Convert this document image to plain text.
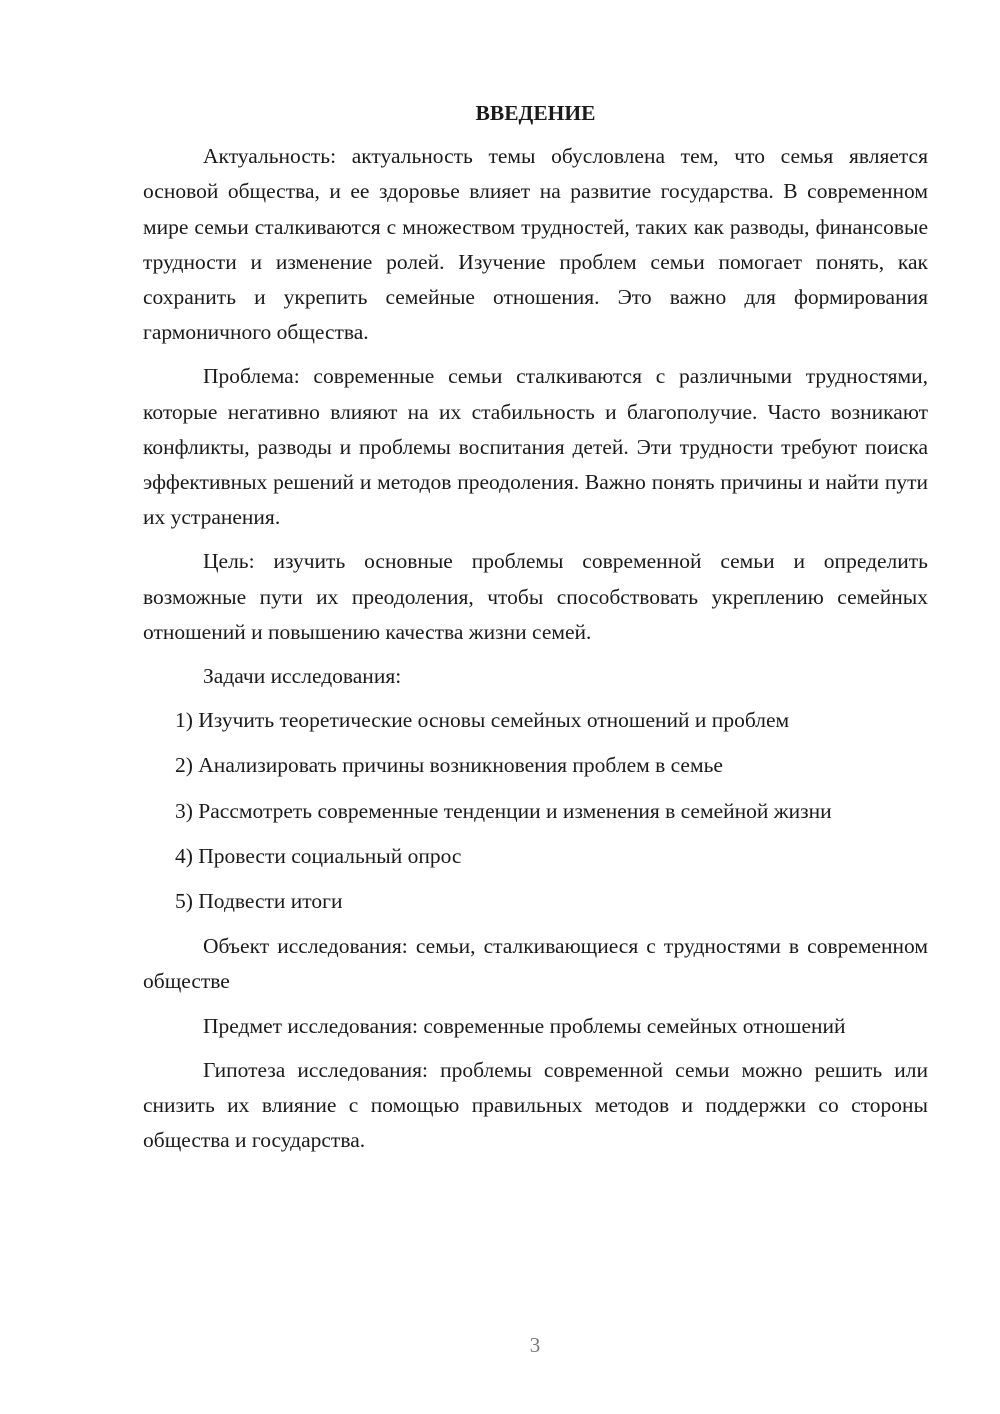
ВВЕДЕНИЕ

Актуальность: актуальность темы обусловлена тем, что семья является основой общества, и ее здоровье влияет на развитие государства. В современном мире семьи сталкиваются с множеством трудностей, таких как разводы, финансовые трудности и изменение ролей. Изучение проблем семьи помогает понять, как сохранить и укрепить семейные отношения. Это важно для формирования гармоничного общества.

Проблема: современные семьи сталкиваются с различными трудностями, которые негативно влияют на их стабильность и благополучие. Часто возникают конфликты, разводы и проблемы воспитания детей. Эти трудности требуют поиска эффективных решений и методов преодоления. Важно понять причины и найти пути их устранения.

Цель: изучить основные проблемы современной семьи и определить возможные пути их преодоления, чтобы способствовать укреплению семейных отношений и повышению качества жизни семей.

Задачи исследования:

1) Изучить теоретические основы семейных отношений и проблем
2) Анализировать причины возникновения проблем в семье
3) Рассмотреть современные тенденции и изменения в семейной жизни
4) Провести социальный опрос
5) Подвести итоги

Объект исследования: семьи, сталкивающиеся с трудностями в современном обществе

Предмет исследования: современные проблемы семейных отношений

Гипотеза исследования: проблемы современной семьи можно решить или снизить их влияние с помощью правильных методов и поддержки со стороны общества и государства.

3
